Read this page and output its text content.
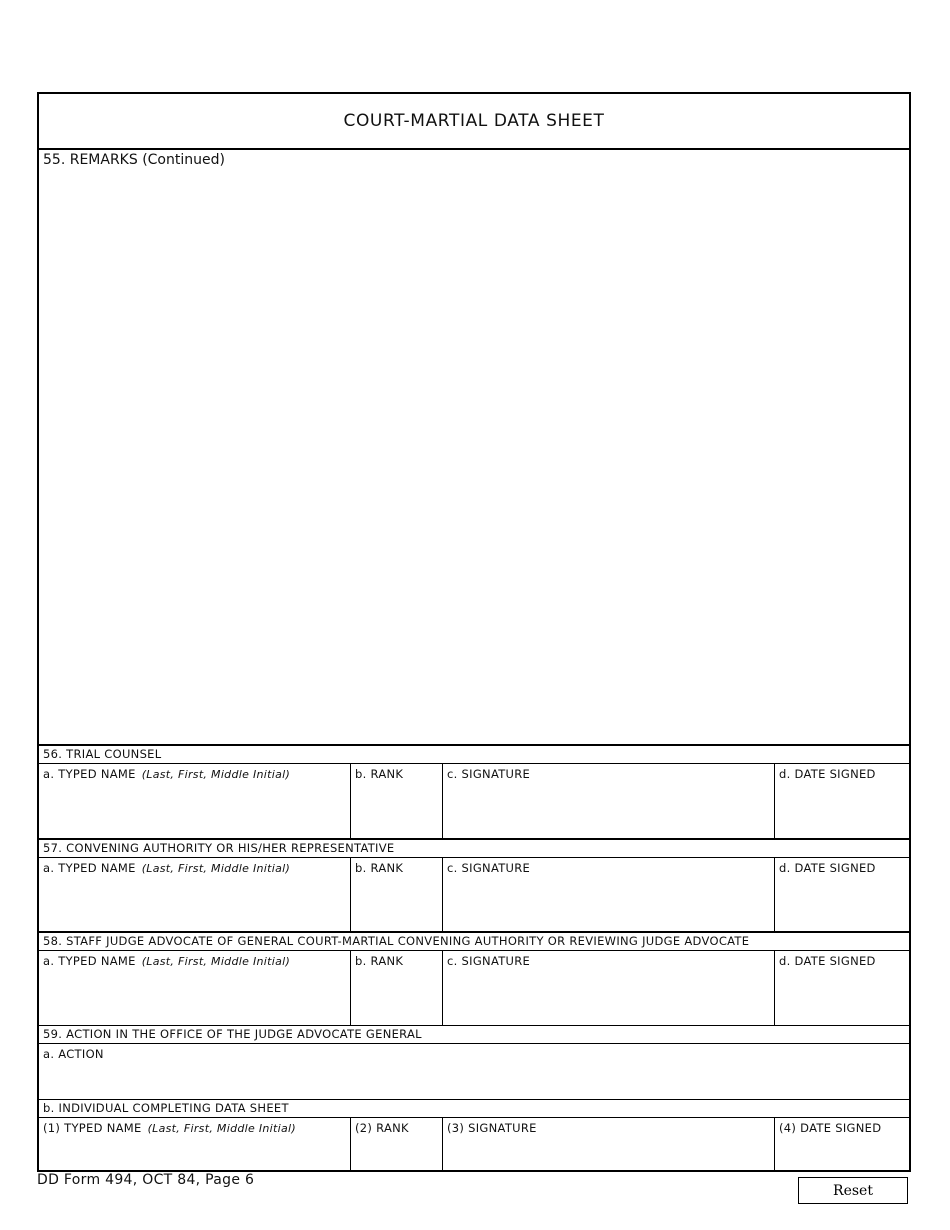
COURT-MARTIAL DATA SHEET
55. REMARKS (Continued)
56. TRIAL COUNSEL
a. TYPED NAME (Last, First, Middle Initial)	b. RANK	c. SIGNATURE	d. DATE SIGNED
57. CONVENING AUTHORITY OR HIS/HER REPRESENTATIVE
a. TYPED NAME (Last, First, Middle Initial)	b. RANK	c. SIGNATURE	d. DATE SIGNED
58. STAFF JUDGE ADVOCATE OF GENERAL COURT-MARTIAL CONVENING AUTHORITY OR REVIEWING JUDGE ADVOCATE
a. TYPED NAME (Last, First, Middle Initial)	b. RANK	c. SIGNATURE	d. DATE SIGNED
59. ACTION IN THE OFFICE OF THE JUDGE ADVOCATE GENERAL
a. ACTION
b. INDIVIDUAL COMPLETING DATA SHEET
(1) TYPED NAME (Last, First, Middle Initial)	(2) RANK	(3) SIGNATURE	(4) DATE SIGNED
DD Form 494, OCT 84, Page 6
Reset
